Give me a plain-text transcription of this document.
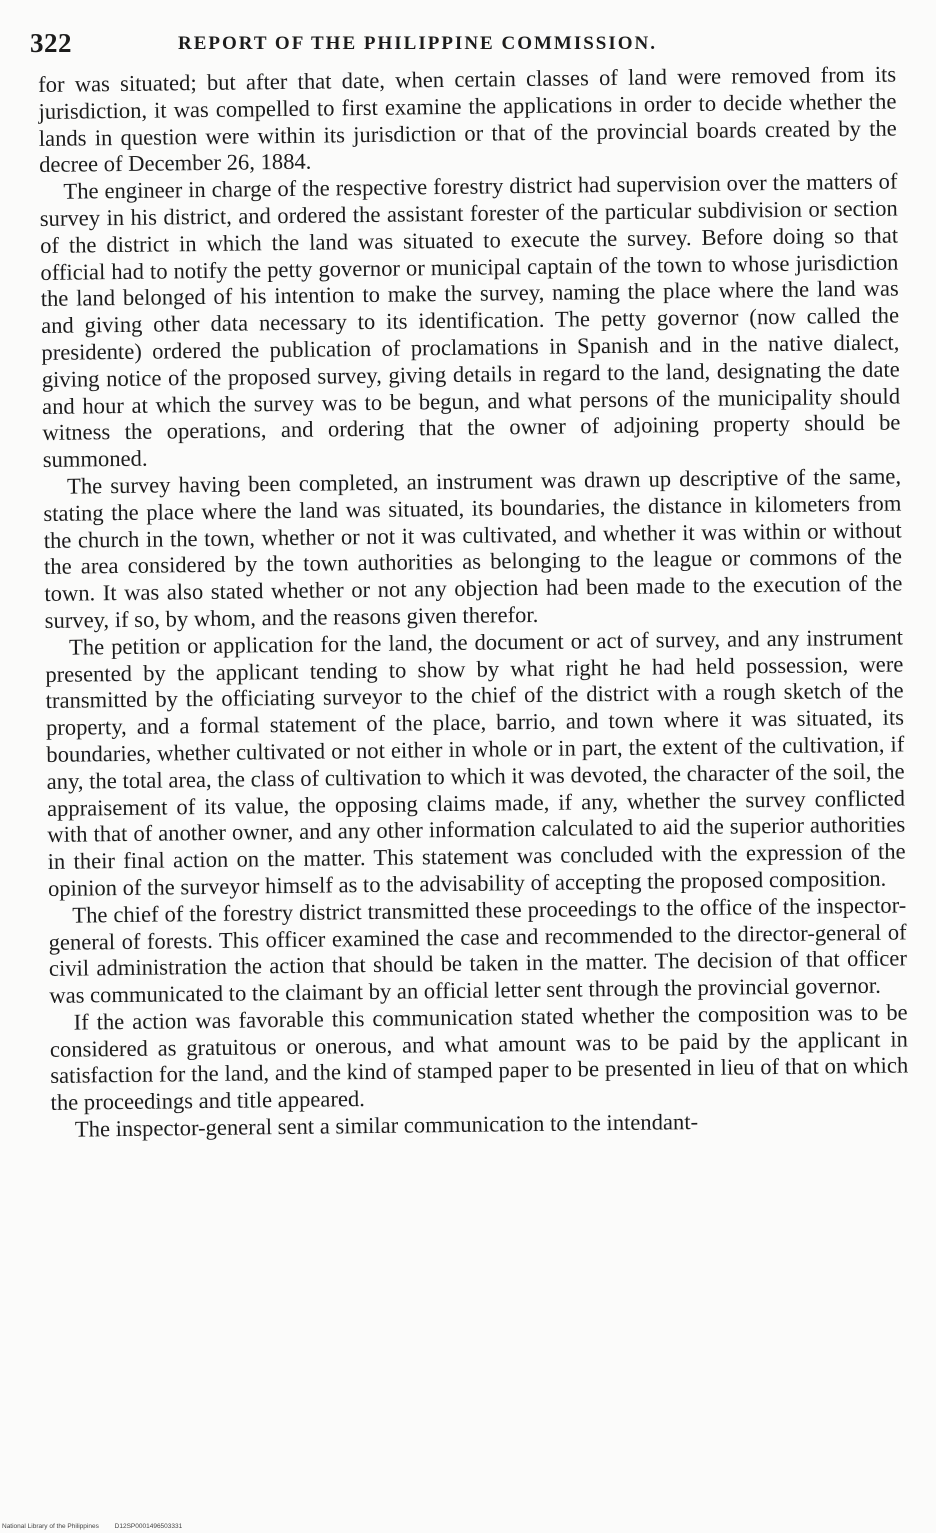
322	REPORT OF THE PHILIPPINE COMMISSION.

for was situated; but after that date, when certain classes of land were removed from its jurisdiction, it was compelled to first examine the applications in order to decide whether the lands in question were within its jurisdiction or that of the provincial boards created by the decree of December 26, 1884.

The engineer in charge of the respective forestry district had supervision over the matters of survey in his district, and ordered the assistant forester of the particular subdivision or section of the district in which the land was situated to execute the survey. Before doing so that official had to notify the petty governor or municipal captain of the town to whose jurisdiction the land belonged of his intention to make the survey, naming the place where the land was and giving other data necessary to its identification. The petty governor (now called the presidente) ordered the publication of proclamations in Spanish and in the native dialect, giving notice of the proposed survey, giving details in regard to the land, designating the date and hour at which the survey was to be begun, and what persons of the municipality should witness the operations, and ordering that the owner of adjoining property should be summoned.

The survey having been completed, an instrument was drawn up descriptive of the same, stating the place where the land was situated, its boundaries, the distance in kilometers from the church in the town, whether or not it was cultivated, and whether it was within or without the area considered by the town authorities as belonging to the league or commons of the town. It was also stated whether or not any objection had been made to the execution of the survey, if so, by whom, and the reasons given therefor.

The petition or application for the land, the document or act of survey, and any instrument presented by the applicant tending to show by what right he had held possession, were transmitted by the officiating surveyor to the chief of the district with a rough sketch of the property, and a formal statement of the place, barrio, and town where it was situated, its boundaries, whether cultivated or not either in whole or in part, the extent of the cultivation, if any, the total area, the class of cultivation to which it was devoted, the character of the soil, the appraisement of its value, the opposing claims made, if any, whether the survey conflicted with that of another owner, and any other information calculated to aid the superior authorities in their final action on the matter. This statement was concluded with the expression of the opinion of the surveyor himself as to the advisability of accepting the proposed composition.

The chief of the forestry district transmitted these proceedings to the office of the inspector-general of forests. This officer examined the case and recommended to the director-general of civil administration the action that should be taken in the matter. The decision of that officer was communicated to the claimant by an official letter sent through the provincial governor.

If the action was favorable this communication stated whether the composition was to be considered as gratuitous or onerous, and what amount was to be paid by the applicant in satisfaction for the land, and the kind of stamped paper to be presented in lieu of that on which the proceedings and title appeared.

The inspector-general sent a similar communication to the intendant-

National Library of the Philippines D12SP0001496503331
